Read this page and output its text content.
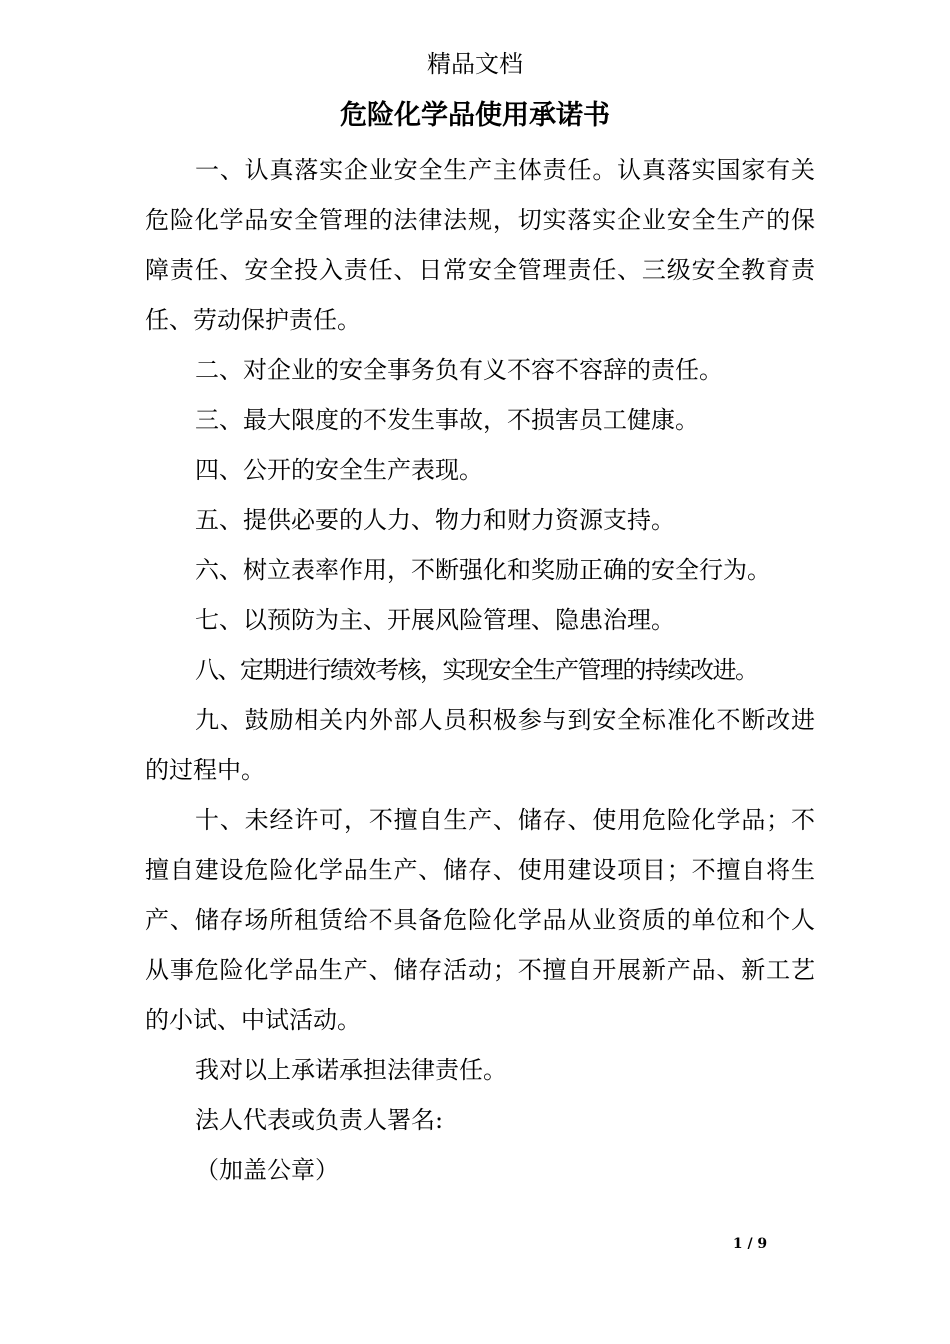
精品文档
危险化学品使用承诺书

一、认真落实企业安全生产主体责任。认真落实国家有关危险化学品安全管理的法律法规，切实落实企业安全生产的保障责任、安全投入责任、日常安全管理责任、三级安全教育责任、劳动保护责任。

二、对企业的安全事务负有义不容不容辞的责任。

三、最大限度的不发生事故，不损害员工健康。

四、公开的安全生产表现。

五、提供必要的人力、物力和财力资源支持。

六、树立表率作用，不断强化和奖励正确的安全行为。

七、以预防为主、开展风险管理、隐患治理。

八、定期进行绩效考核，实现安全生产管理的持续改进。

九、鼓励相关内外部人员积极参与到安全标准化不断改进的过程中。

十、未经许可，不擅自生产、储存、使用危险化学品；不擅自建设危险化学品生产、储存、使用建设项目；不擅自将生产、储存场所租赁给不具备危险化学品从业资质的单位和个人从事危险化学品生产、储存活动；不擅自开展新产品、新工艺的小试、中试活动。

我对以上承诺承担法律责任。

法人代表或负责人署名:

（加盖公章）

1 / 9
